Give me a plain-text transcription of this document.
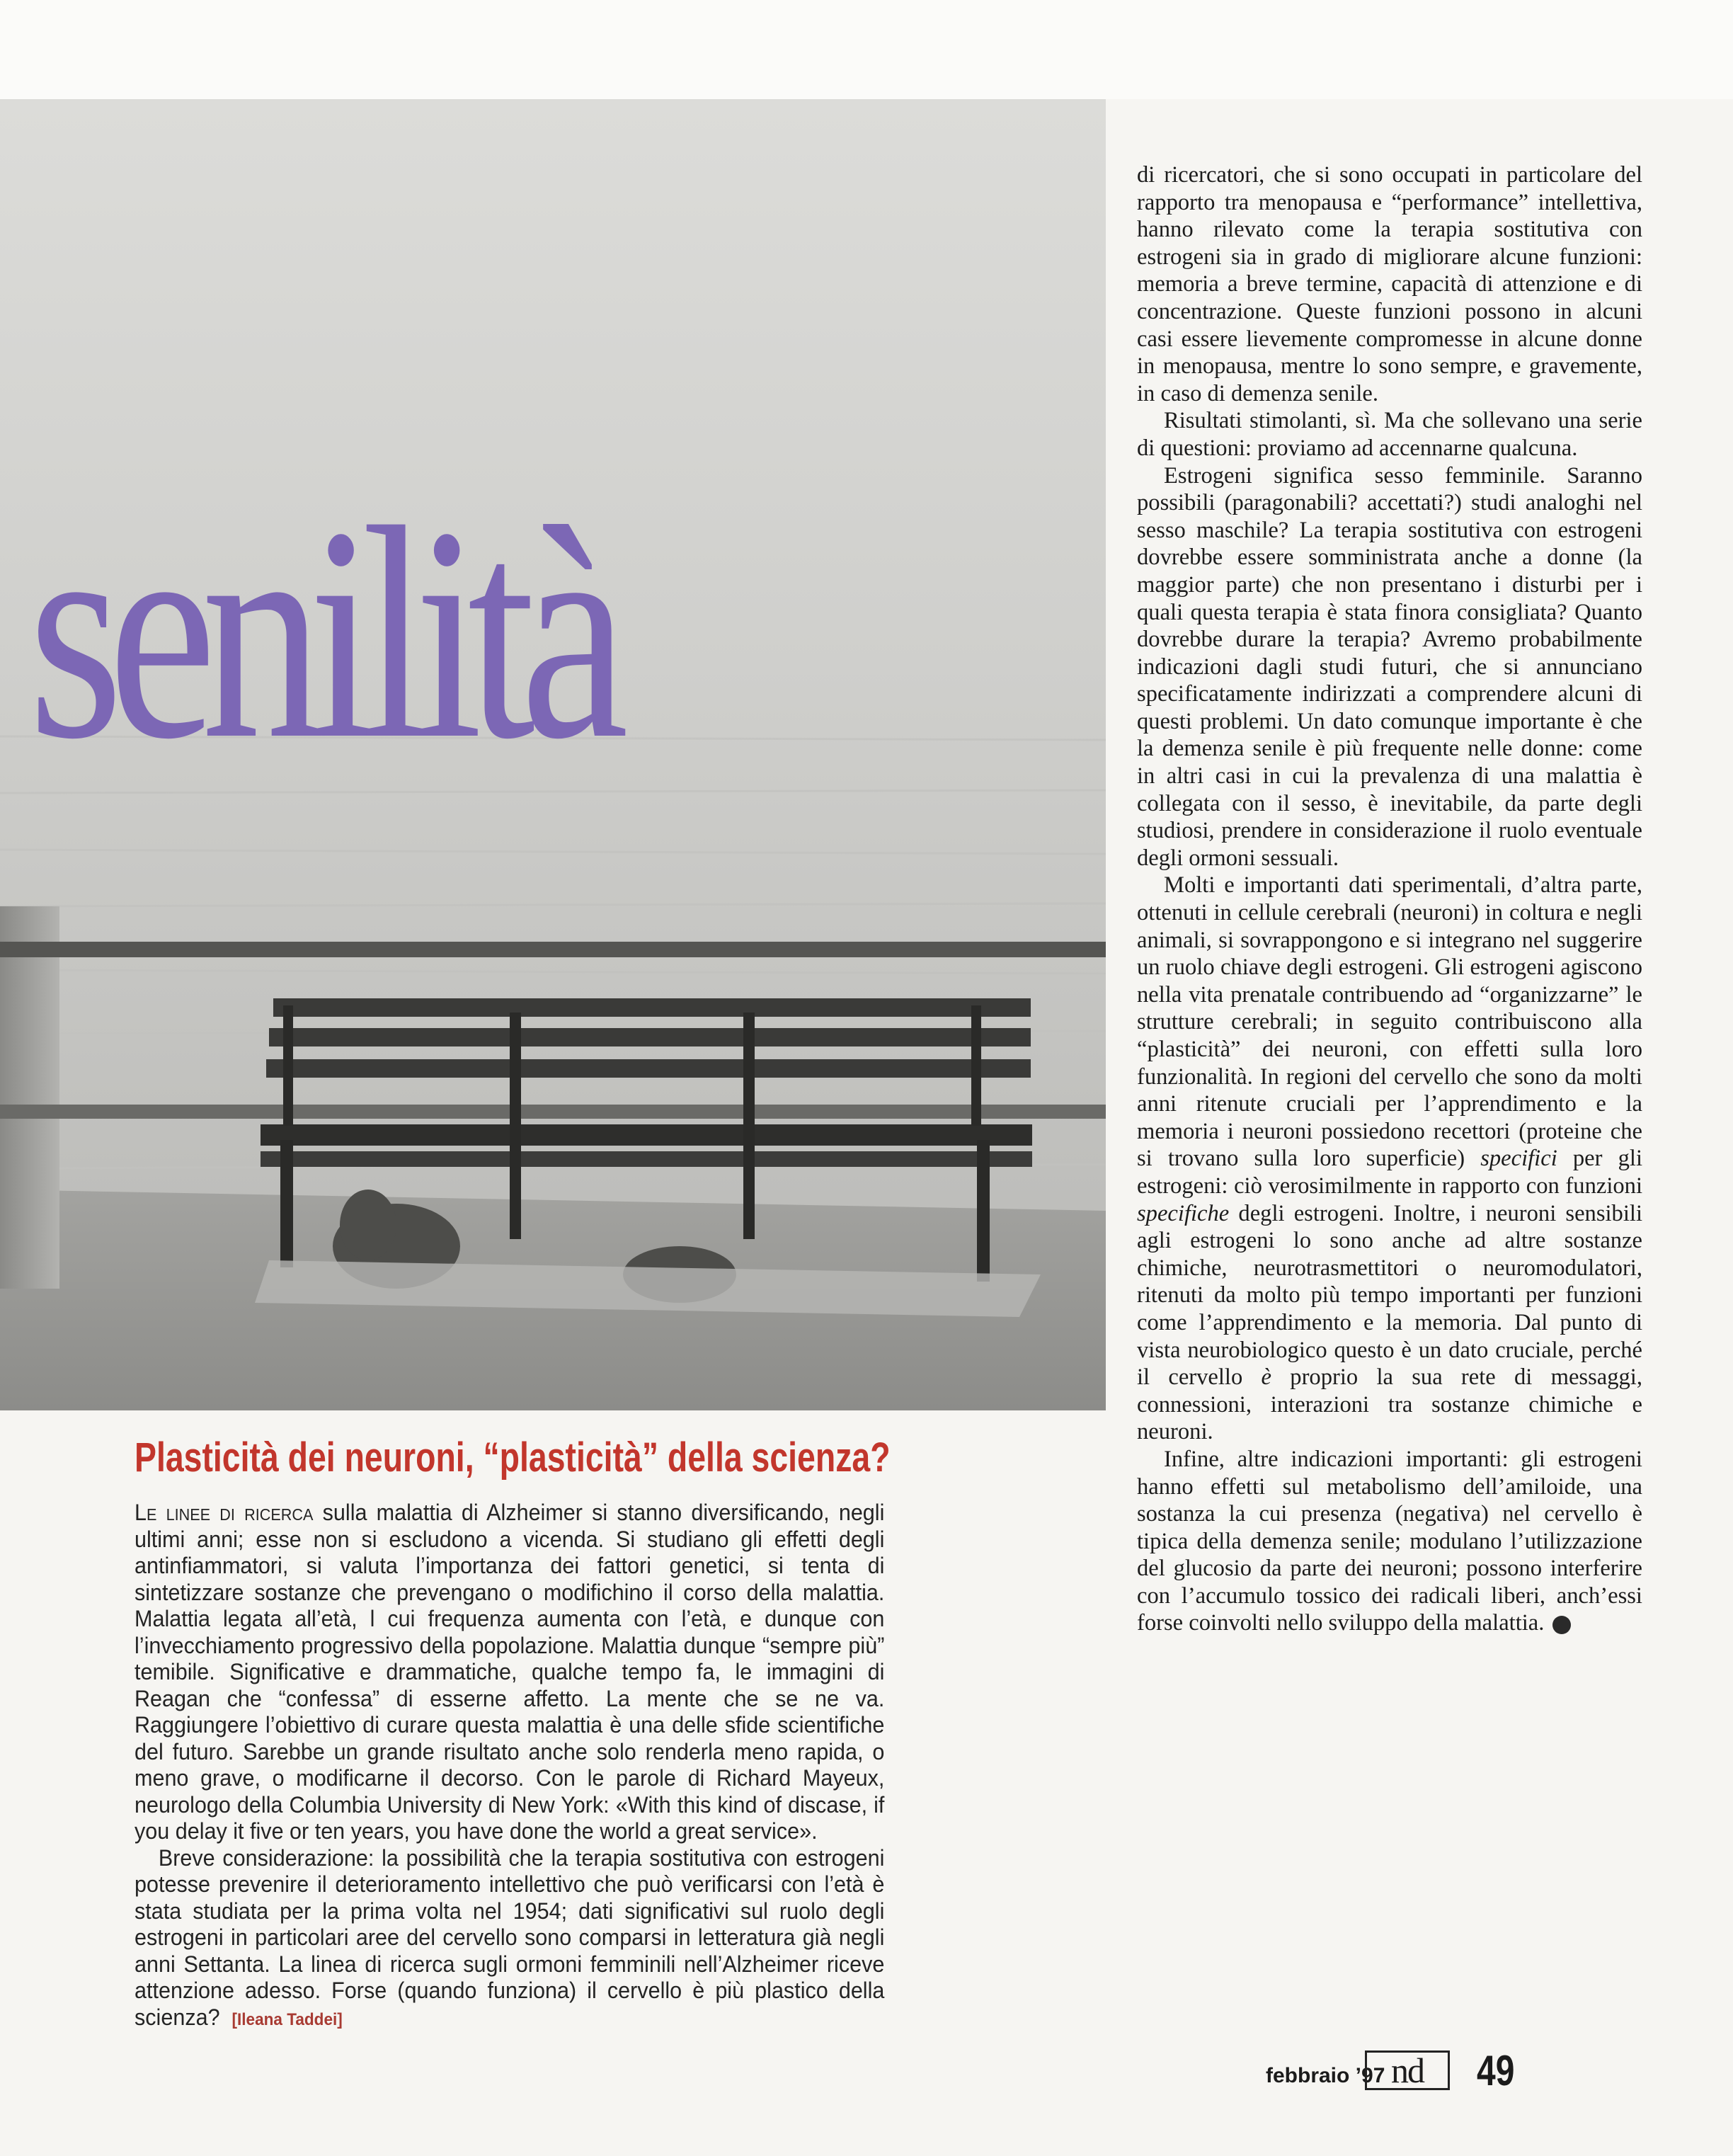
senilità
Plasticità dei neuroni, “plasticità” della scienza?

Le linee di ricerca sulla malattia di Alzheimer si stanno diversificando, negli ultimi anni; esse non si escludono a vicenda. Si studiano gli effetti degli antinfiammatori, si valuta l’importanza dei fattori genetici, si tenta di sintetizzare sostanze che prevengano o modifichino il corso della malattia. Malattia legata all’età, l cui frequenza aumenta con l’età, e dunque con l’invecchiamento progressivo della popolazione. Malattia dunque “sempre più” temibile. Significative e drammatiche, qualche tempo fa, le immagini di Reagan che “confessa” di esserne affetto. La mente che se ne va. Raggiungere l’obiettivo di curare questa malattia è una delle sfide scientifiche del futuro. Sarebbe un grande risultato anche solo renderla meno rapida, o meno grave, o modificarne il decorso. Con le parole di Richard Mayeux, neurologo della Columbia University di New York: «With this kind of discase, if you delay it five or ten years, you have done the world a great service».

Breve considerazione: la possibilità che la terapia sostitutiva con estrogeni potesse prevenire il deterioramento intellettivo che può verificarsi con l’età è stata studiata per la prima volta nel 1954; dati significativi sul ruolo degli estrogeni in particolari aree del cervello sono comparsi in letteratura già negli anni Settanta. La linea di ricerca sugli ormoni femminili nell’Alzheimer riceve attenzione adesso. Forse (quando funziona) il cervello è più plastico della scienza? [Ileana Taddei]

di ricercatori, che si sono occupati in particolare del rapporto tra menopausa e “performance” intellettiva, hanno rilevato come la terapia sostitutiva con estrogeni sia in grado di migliorare alcune funzioni: memoria a breve termine, capacità di attenzione e di concentrazione. Queste funzioni possono in alcuni casi essere lievemente compromesse in alcune donne in menopausa, mentre lo sono sempre, e gravemente, in caso di demenza senile.

Risultati stimolanti, sì. Ma che sollevano una serie di questioni: proviamo ad accennarne qualcuna.

Estrogeni significa sesso femminile. Saranno possibili (paragonabili? accettati?) studi analoghi nel sesso maschile? La terapia sostitutiva con estrogeni dovrebbe essere somministrata anche a donne (la maggior parte) che non presentano i disturbi per i quali questa terapia è stata finora consigliata? Quanto dovrebbe durare la terapia? Avremo probabilmente indicazioni dagli studi futuri, che si annunciano specificatamente indirizzati a comprendere alcuni di questi problemi. Un dato comunque importante è che la demenza senile è più frequente nelle donne: come in altri casi in cui la prevalenza di una malattia è collegata con il sesso, è inevitabile, da parte degli studiosi, prendere in considerazione il ruolo eventuale degli ormoni sessuali.

Molti e importanti dati sperimentali, d’altra parte, ottenuti in cellule cerebrali (neuroni) in coltura e negli animali, si sovrappongono e si integrano nel suggerire un ruolo chiave degli estrogeni. Gli estrogeni agiscono nella vita prenatale contribuendo ad “organizzarne” le strutture cerebrali; in seguito contribuiscono alla “plasticità” dei neuroni, con effetti sulla loro funzionalità. In regioni del cervello che sono da molti anni ritenute cruciali per l’apprendimento e la memoria i neuroni possiedono recettori (proteine che si trovano sulla loro superficie) specifici per gli estrogeni: ciò verosimilmente in rapporto con funzioni specifiche degli estrogeni. Inoltre, i neuroni sensibili agli estrogeni lo sono anche ad altre sostanze chimiche, neurotrasmettitori o neuromodulatori, ritenuti da molto più tempo importanti per funzioni come l’apprendimento e la memoria. Dal punto di vista neurobiologico questo è un dato cruciale, perché il cervello è proprio la sua rete di messaggi, connessioni, interazioni tra sostanze chimiche e neuroni.

Infine, altre indicazioni importanti: gli estrogeni hanno effetti sul metabolismo dell’amiloide, una sostanza la cui presenza (negativa) nel cervello è tipica della demenza senile; modulano l’utilizzazione del glucosio da parte dei neuroni; possono interferire con l’accumulo tossico dei radicali liberi, anch’essi forse coinvolti nello sviluppo della malattia.

febbraio ’97 nd	49
